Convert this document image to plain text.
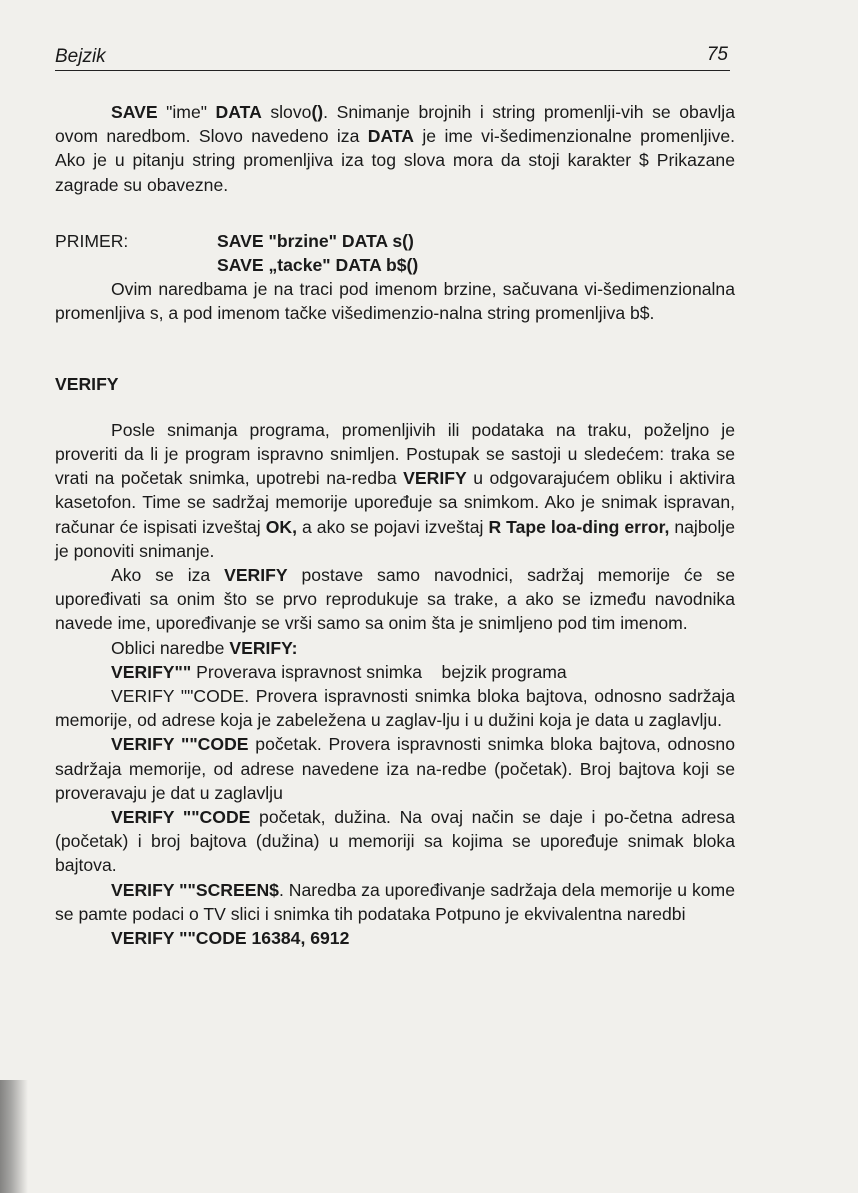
Bejzik	75

SAVE "ime" DATA slovo(). Snimanje brojnih i string promenlji-vih se obavlja ovom naredbom. Slovo navedeno iza DATA je ime vi-šedimenzionalne promenljive. Ako je u pitanju string promenljiva iza tog slova mora da stoji karakter $ Prikazane zagrade su obavezne.

PRIMER:	SAVE "brzine" DATA s()
SAVE „tacke" DATA b$()

Ovim naredbama je na traci pod imenom brzine, sačuvana vi-šedimenzionalna promenljiva s, a pod imenom tačke višedimenzio-nalna string promenljiva b$.

VERIFY

Posle snimanja programa, promenljivih ili podataka na traku, poželjno je proveriti da li je program ispravno snimljen. Postupak se sastoji u sledećem: traka se vrati na početak snimka, upotrebi na-redba VERIFY u odgovarajućem obliku i aktivira kasetofon. Time se sadržaj memorije upoređuje sa snimkom. Ako je snimak ispravan, računar će ispisati izveštaj OK, a ako se pojavi izveštaj R Tape loa-ding error, najbolje je ponoviti snimanje.

Ako se iza VERIFY postave samo navodnici, sadržaj memorije će se upoređivati sa onim što se prvo reprodukuje sa trake, a ako se između navodnika navede ime, upoređivanje se vrši samo sa onim šta je snimljeno pod tim imenom.

Oblici naredbe VERIFY:

VERIFY"" Proverava ispravnost snimka    bejzik programa

VERIFY ""CODE. Provera ispravnosti snimka bloka bajtova, odnosno sadržaja memorije, od adrese koja je zabeležena u zaglav-lju i u dužini koja je data u zaglavlju.

VERIFY ""CODE početak. Provera ispravnosti snimka bloka bajtova, odnosno sadržaja memorije, od adrese navedene iza na-redbe (početak). Broj bajtova koji se proveravaju je dat u zaglavlju

VERIFY ""CODE početak, dužina. Na ovaj način se daje i po-četna adresa (početak) i broj bajtova (dužina) u memoriji sa kojima se upoređuje snimak bloka bajtova.

VERIFY ""SCREEN$. Naredba za upoređivanje sadržaja dela memorije u kome se pamte podaci o TV slici i snimka tih podataka Potpuno je ekvivalentna naredbi

VERIFY ""CODE 16384, 6912
